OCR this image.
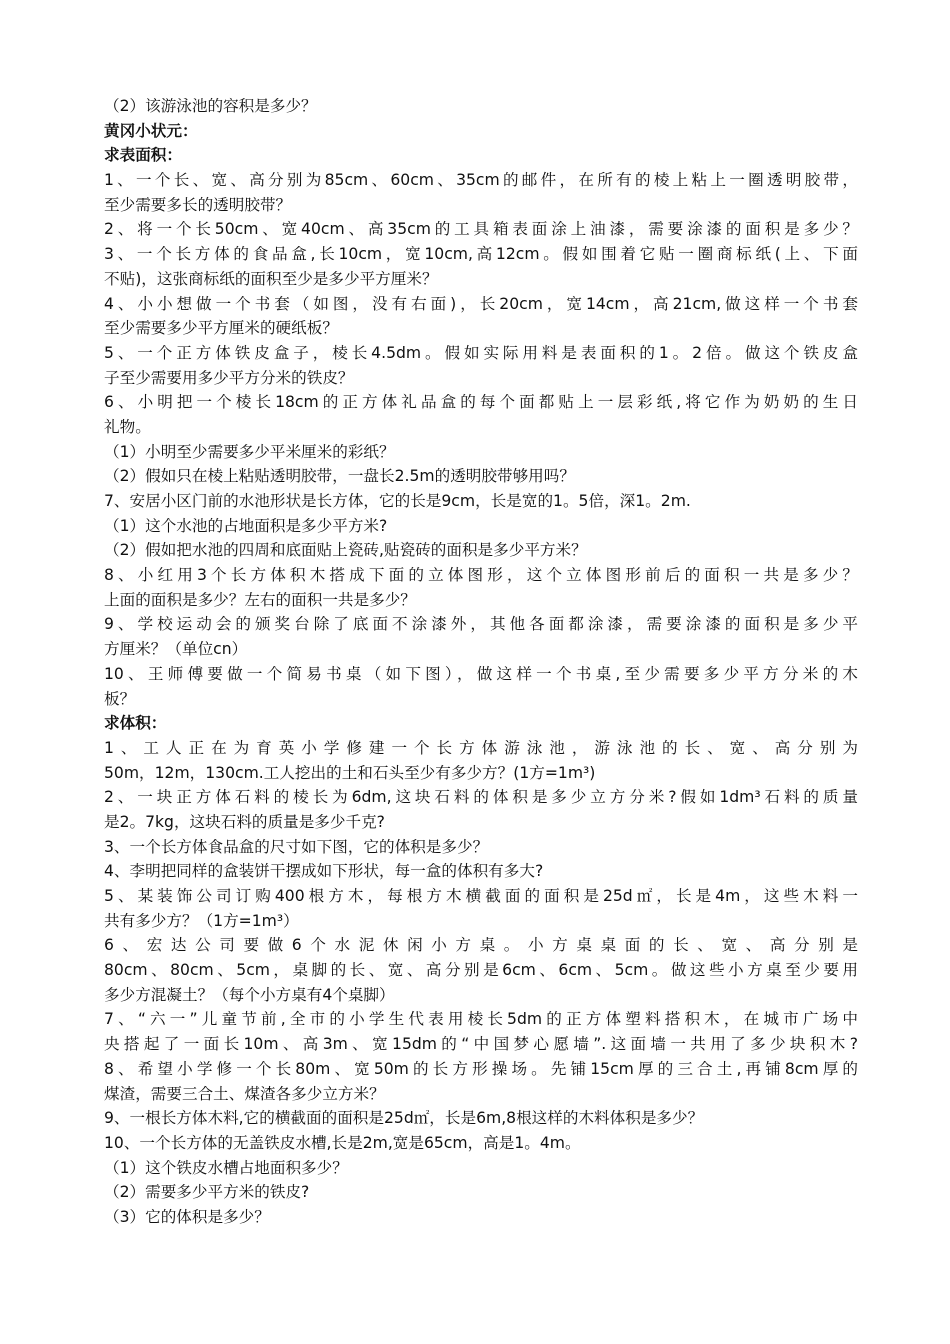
（2）该游泳池的容积是多少？
黄冈小状元：
求表面积：
1、一个长、宽、高分别为85cm、60cm、35cm的邮件，在所有的棱上粘上一圈透明胶带，
至少需要多长的透明胶带？
2、将一个长50cm、宽40cm、高35cm的工具箱表面涂上油漆，需要涂漆的面积是多少？
3、一个长方体的食品盒,长10cm，宽10cm,高12cm。假如围着它贴一圈商标纸(上、下面
不贴)，这张商标纸的面积至少是多少平方厘米？
4、小小想做一个书套（如图，没有右面)，长20cm，宽14cm，高21cm,做这样一个书套
至少需要多少平方厘米的硬纸板？
5、一个正方体铁皮盒子，棱长4.5dm。假如实际用料是表面积的1。2倍。做这个铁皮盒
子至少需要用多少平方分米的铁皮？
6、小明把一个棱长18cm的正方体礼品盒的每个面都贴上一层彩纸,将它作为奶奶的生日
礼物。
（1）小明至少需要多少平米厘米的彩纸？
（2）假如只在棱上粘贴透明胶带，一盘长2.5m的透明胶带够用吗？
7、安居小区门前的水池形状是长方体，它的长是9cm，长是宽的1。5倍，深1。2m.
（1）这个水池的占地面积是多少平方米?
（2）假如把水池的四周和底面贴上瓷砖,贴瓷砖的面积是多少平方米？
8、小红用3个长方体积木搭成下面的立体图形，这个立体图形前后的面积一共是多少？
上面的面积是多少？左右的面积一共是多少？
9、学校运动会的颁奖台除了底面不涂漆外，其他各面都涂漆，需要涂漆的面积是多少平
方厘米？（单位cn）
10、王师傅要做一个简易书桌（如下图），做这样一个书桌,至少需要多少平方分米的木
板？
求体积：
1、工人正在为育英小学修建一个长方体游泳池，游泳池的长、宽、高分别为
50m，12m，130cm.工人挖出的土和石头至少有多少方？(1方=1m³)
2、一块正方体石料的棱长为6dm,这块石料的体积是多少立方分米?假如1dm³石料的质量
是2。7kg，这块石料的质量是多少千克?
3、一个长方体食品盒的尺寸如下图，它的体积是多少？
4、李明把同样的盒装饼干摆成如下形状，每一盒的体积有多大?
5、某装饰公司订购400根方木，每根方木横截面的面积是25d㎡，长是4m，这些木料一
共有多少方？（1方=1m³）
6、宏达公司要做6个水泥休闲小方桌。小方桌桌面的长、宽、高分别是
80cm、80cm、5cm，桌脚的长、宽、高分别是6cm、6cm、5cm。做这些小方桌至少要用
多少方混凝土？（每个小方桌有4个桌脚）
7、“六一”儿童节前,全市的小学生代表用棱长5dm的正方体塑料搭积木，在城市广场中
央搭起了一面长10m、高3m、宽15dm的“中国梦心愿墙”.这面墙一共用了多少块积木?
8、希望小学修一个长80m、宽50m的长方形操场。先铺15cm厚的三合土,再铺8cm厚的
煤渣，需要三合土、煤渣各多少立方米？
9、一根长方体木料,它的横截面的面积是25d㎡，长是6m,8根这样的木料体积是多少？
10、一个长方体的无盖铁皮水槽,长是2m,宽是65cm，高是1。4m。
（1）这个铁皮水槽占地面积多少？
（2）需要多少平方米的铁皮?
（3）它的体积是多少？
